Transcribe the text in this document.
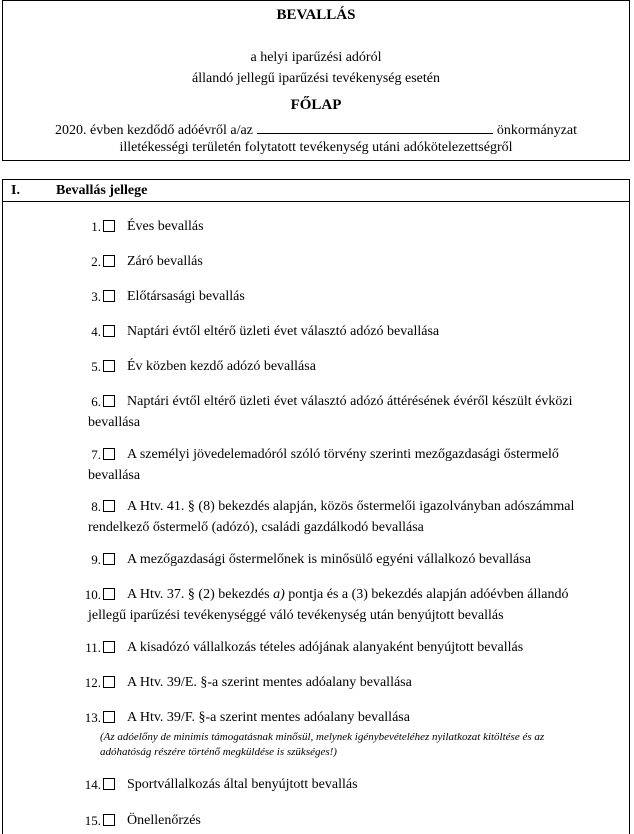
BEVALLÁS
a helyi iparűzési adóról
állandó jellegű iparűzési tevékenység esetén
FŐLAP
2020. évben kezdődő adóévről a/az	önkormányzat
illetékességi területén folytatott tevékenység utáni adókötelezettségről
I.	Bevallás jellege
1. Éves bevallás
2. Záró bevallás
3. Előtársasági bevallás
4. Naptári évtől eltérő üzleti évet választó adózó bevallása
5. Év közben kezdő adózó bevallása
6. Naptári évtől eltérő üzleti évet választó adózó áttérésének évéről készült évközi
bevallása
7. A személyi jövedelemadóról szóló törvény szerinti mezőgazdasági őstermelő
bevallása
8. A Htv. 41. § (8) bekezdés alapján, közös őstermelői igazolványban adószámmal
rendelkező őstermelő (adózó), családi gazdálkodó bevallása
9. A mezőgazdasági őstermelőnek is minősülő egyéni vállalkozó bevallása
10. A Htv. 37. § (2) bekezdés a) pontja és a (3) bekezdés alapján adóévben állandó
jellegű iparűzési tevékenységgé váló tevékenység után benyújtott bevallás
11. A kisadózó vállalkozás tételes adójának alanyaként benyújtott bevallás
12. A Htv. 39/E. §-a szerint mentes adóalany bevallása
13. A Htv. 39/F. §-a szerint mentes adóalany bevallása
(Az adóelőny de minimis támogatásnak minősül, melynek igénybevételéhez nyilatkozat kitöltése és az
adóhatóság részére történő megküldése is szükséges!)
14. Sportvállalkozás által benyújtott bevallás
15. Önellenőrzés
